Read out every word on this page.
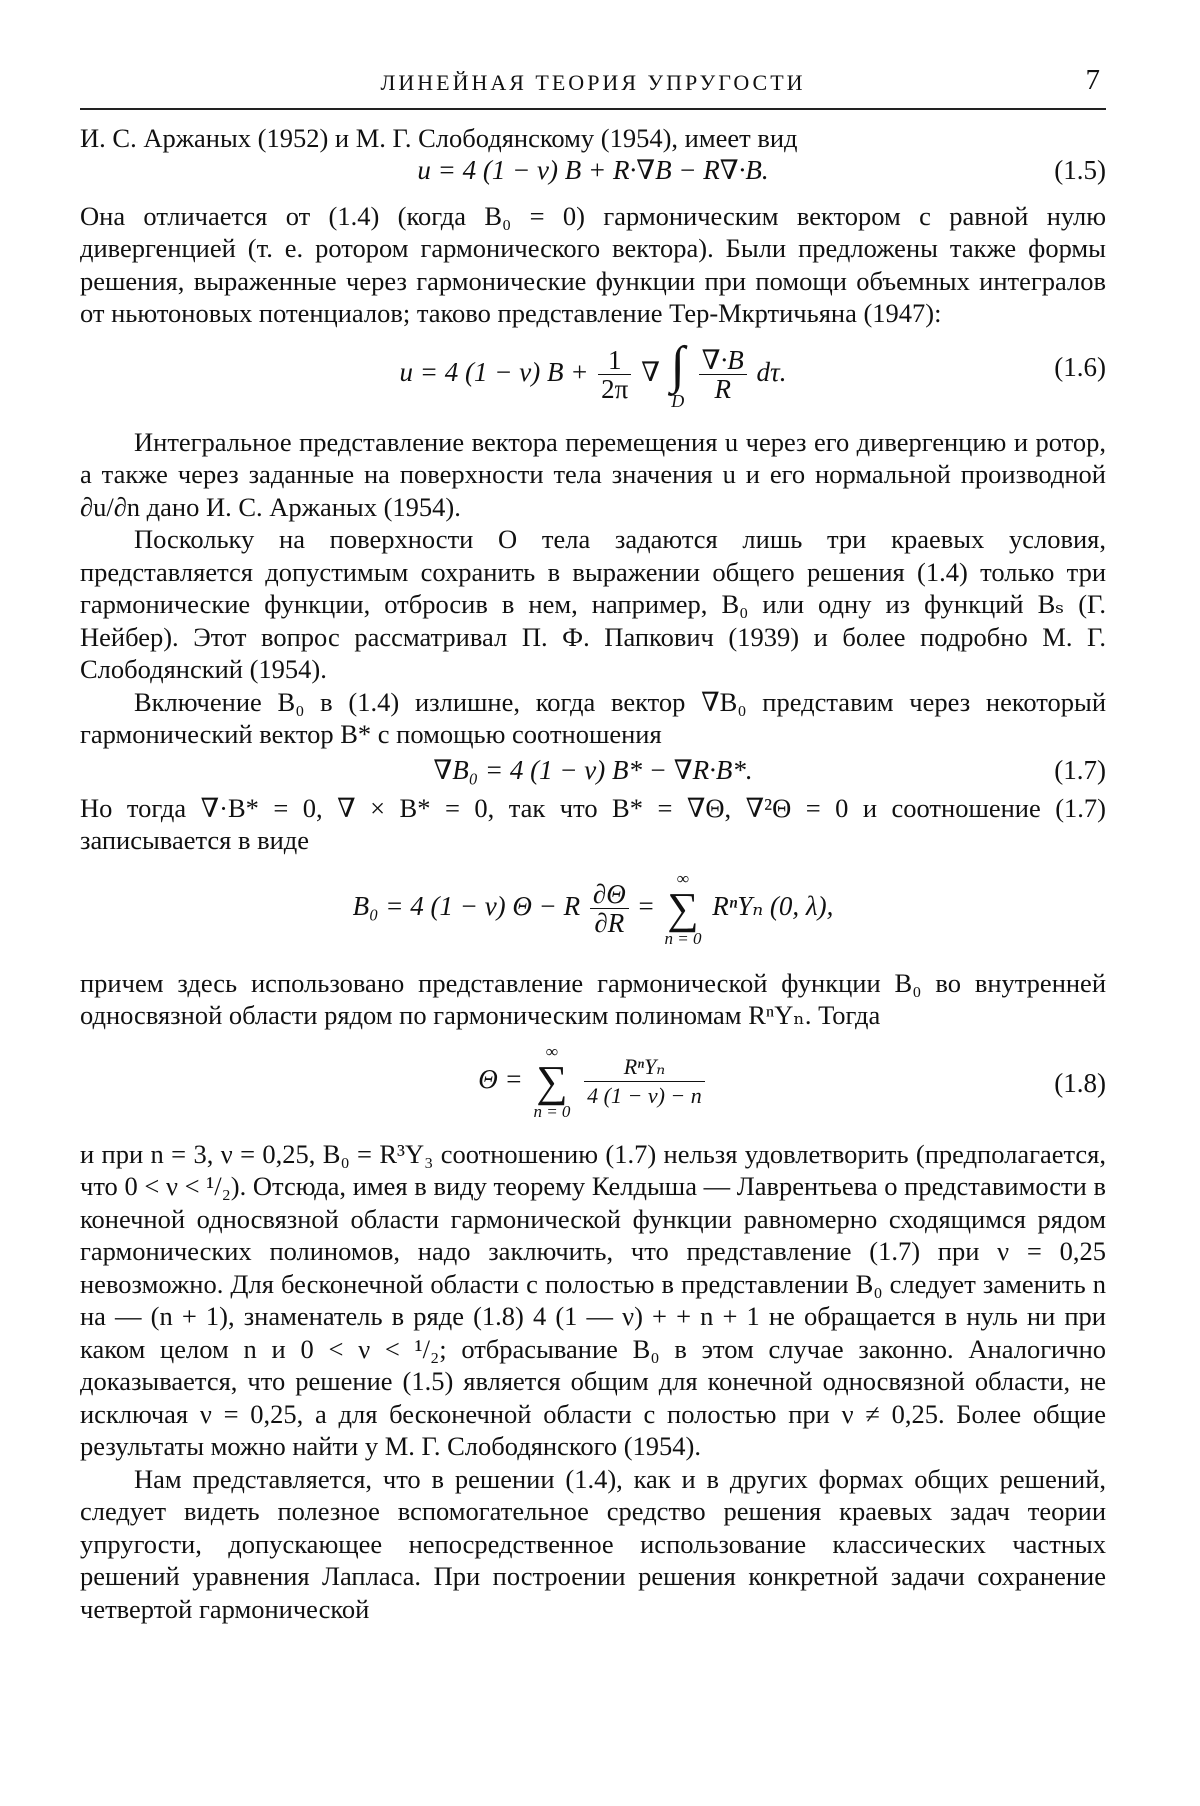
ЛИНЕЙНАЯ ТЕОРИЯ УПРУГОСТИ	7

И. С. Аржаных (1952) и М. Г. Слободянскому (1954), имеет вид

u = 4 (1 − ν) B + R·∇B − R∇·B.	(1.5)

Она отличается от (1.4) (когда B₀ = 0) гармоническим вектором с равной нулю дивергенцией (т. е. ротором гармонического вектора). Были предложены также формы решения, выраженные через гармонические функции при помощи объемных интегралов от ньютоновых потенциалов; таково представление Тер-Мкртичьяна (1947):

u = 4 (1 − ν) $B + \frac{1}{2\pi}$ ∇ ∫
D
$\frac{\nabla\cdot B}{R} d\tau$.	(1.6)

Интегральное представление вектора перемещения u через его дивергенцию и ротор, а также через заданные на поверхности тела значения u и его нормальной производной ∂u/∂n дано И. С. Аржаных (1954).

Поскольку на поверхности O тела задаются лишь три краевых условия, представляется допустимым сохранить в выражении общего решения (1.4) только три гармонические функции, отбросив в нем, например, B₀ или одну из функций Bₛ (Г. Нейбер). Этот вопрос рассматривал П. Ф. Папкович (1939) и более подробно М. Г. Слободянский (1954).

Включение B₀ в (1.4) излишне, когда вектор ∇B₀ представим через некоторый гармонический вектор B* с помощью соотношения

∇B₀ = 4 (1 − ν) B* − ∇R·B*.	(1.7)

Но тогда ∇·B* = 0, ∇ × B* = 0, так что B* = ∇Θ, ∇²Θ = 0 и соотношение (1.7) записывается в виде

B₀ = 4 (1 − ν) Θ − R $\frac{\partial\Theta}{\partial R}$ =
∞
∑
n = 0
RⁿYₙ (0, λ),

причем здесь использовано представление гармонической функции B₀ во внутренней односвязной области рядом по гармоническим полиномам RⁿYₙ. Тогда

Θ =
∞
∑
n = 0

$\frac{\text{RⁿYₙ}}{4 (1 - \nu) - n}$	(1.8)

и при n = 3, ν = 0,25, B₀ = R³Y₃ соотношению (1.7) нельзя удовлетворить (предполагается, что 0 < ν < ¹/₂). Отсюда, имея в виду теорему Келдыша — Лаврентьева о представимости в конечной односвязной области гармонической функции равномерно сходящимся рядом гармонических полиномов, надо заключить, что представление (1.7) при ν = 0,25 невозможно. Для бесконечной области с полостью в представлении B₀ следует заменить n на — (n + 1), знаменатель в ряде (1.8) 4 (1 — ν) + + n + 1 не обращается в нуль ни при каком целом n и 0 < ν < ¹/₂; отбрасывание B₀ в этом случае законно. Аналогично доказывается, что решение (1.5) является общим для конечной односвязной области, не исключая ν = 0,25, а для бесконечной области с полостью при ν ≠ 0,25. Более общие результаты можно найти у М. Г. Слободянского (1954).

Нам представляется, что в решении (1.4), как и в других формах общих решений, следует видеть полезное вспомогательное средство решения краевых задач теории упругости, допускающее непосредственное использование классических частных решений уравнения Лапласа. При построении решения конкретной задачи сохранение четвертой гармонической
